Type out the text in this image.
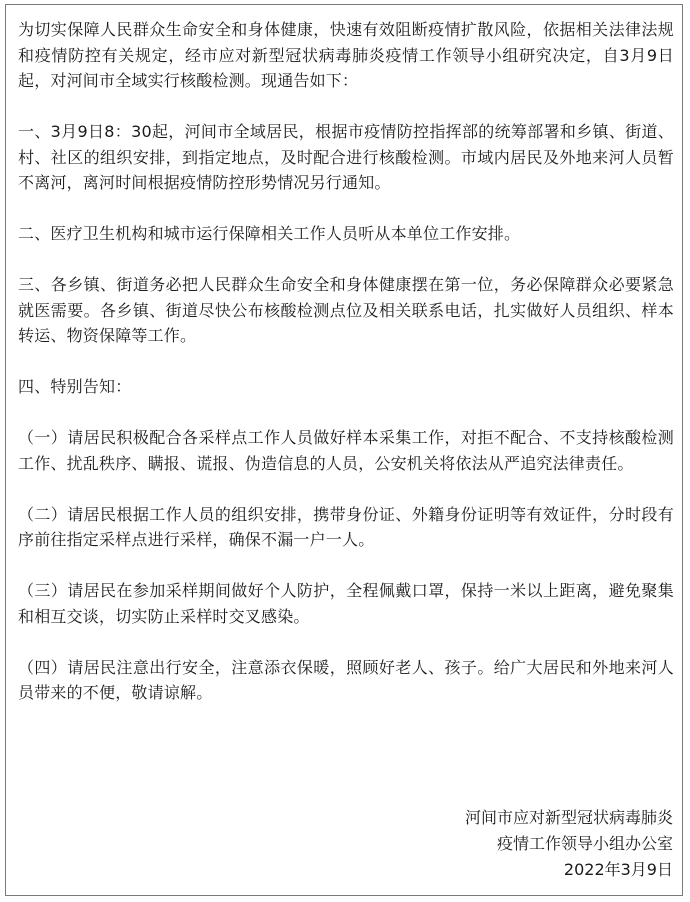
为切实保障人民群众生命安全和身体健康，快速有效阻断疫情扩散风险，依据相关法律法规和疫情防控有关规定，经市应对新型冠状病毒肺炎疫情工作领导小组研究决定，自3月9日起，对河间市全域实行核酸检测。现通告如下：

一、3月9日8：30起，河间市全域居民，根据市疫情防控指挥部的统筹部署和乡镇、街道、村、社区的组织安排，到指定地点，及时配合进行核酸检测。市域内居民及外地来河人员暂不离河，离河时间根据疫情防控形势情况另行通知。

二、医疗卫生机构和城市运行保障相关工作人员听从本单位工作安排。

三、各乡镇、街道务必把人民群众生命安全和身体健康摆在第一位，务必保障群众必要紧急就医需要。各乡镇、街道尽快公布核酸检测点位及相关联系电话，扎实做好人员组织、样本转运、物资保障等工作。

四、特别告知：

（一）请居民积极配合各采样点工作人员做好样本采集工作，对拒不配合、不支持核酸检测工作、扰乱秩序、瞒报、谎报、伪造信息的人员，公安机关将依法从严追究法律责任。

（二）请居民根据工作人员的组织安排，携带身份证、外籍身份证明等有效证件，分时段有序前往指定采样点进行采样，确保不漏一户一人。

（三）请居民在参加采样期间做好个人防护，全程佩戴口罩，保持一米以上距离，避免聚集和相互交谈，切实防止采样时交叉感染。

（四）请居民注意出行安全，注意添衣保暖，照顾好老人、孩子。给广大居民和外地来河人员带来的不便，敬请谅解。

河间市应对新型冠状病毒肺炎
疫情工作领导小组办公室
2022年3月9日
